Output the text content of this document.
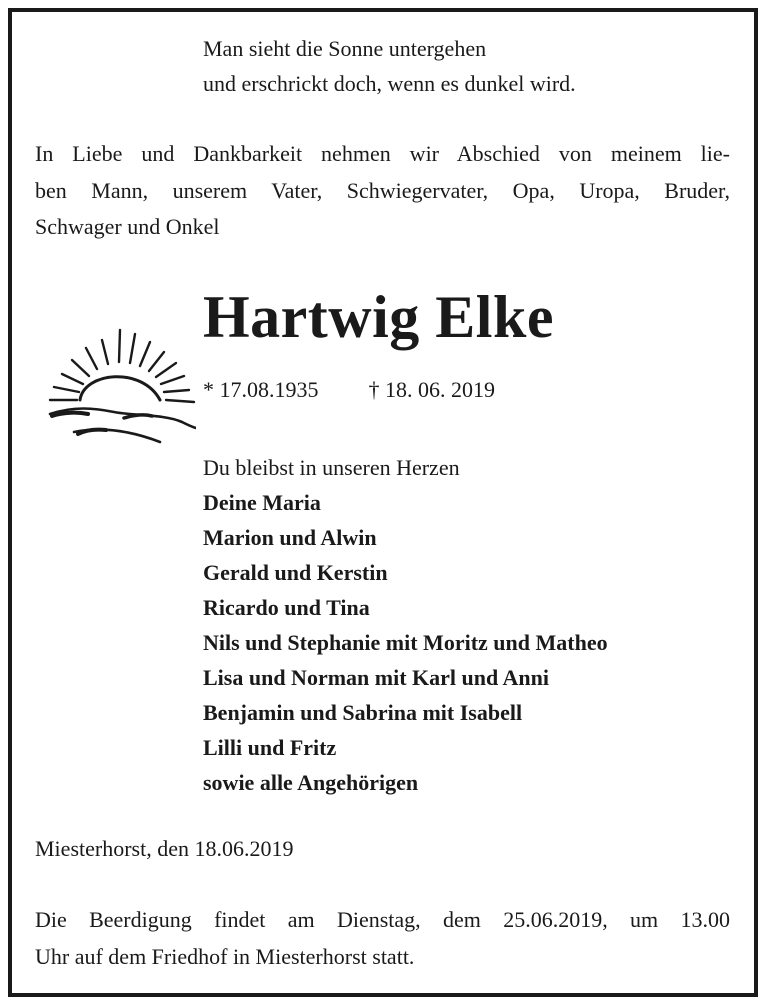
Man sieht die Sonne untergehen
und erschrickt doch, wenn es dunkel wird.
In Liebe und Dankbarkeit nehmen wir Abschied von meinem lie-
ben Mann, unserem Vater, Schwiegervater, Opa, Uropa, Bruder,
Schwager und Onkel
Hartwig Elke
* 17.08.1935 † 18. 06. 2019
Du bleibst in unseren Herzen
Deine Maria
Marion und Alwin
Gerald und Kerstin
Ricardo und Tina
Nils und Stephanie mit Moritz und Matheo
Lisa und Norman mit Karl und Anni
Benjamin und Sabrina mit Isabell
Lilli und Fritz
sowie alle Angehörigen
Miesterhorst, den 18.06.2019
Die Beerdigung findet am Dienstag, dem 25.06.2019, um 13.00
Uhr auf dem Friedhof in Miesterhorst statt.
